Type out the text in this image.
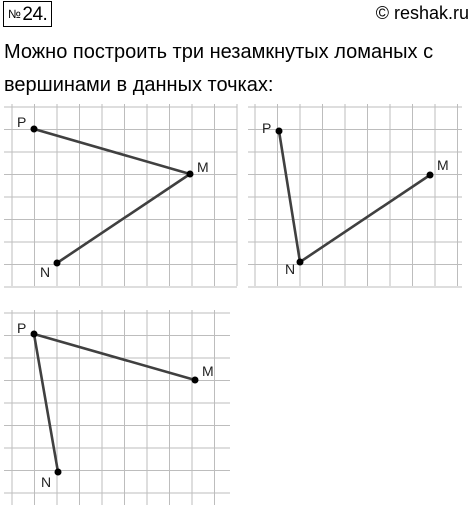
№ 24.	© reshak.ru

Можно построить три незамкнутых ломаных с вершинами в данных точках:

P
M
N
P
M
N
P
M
N
